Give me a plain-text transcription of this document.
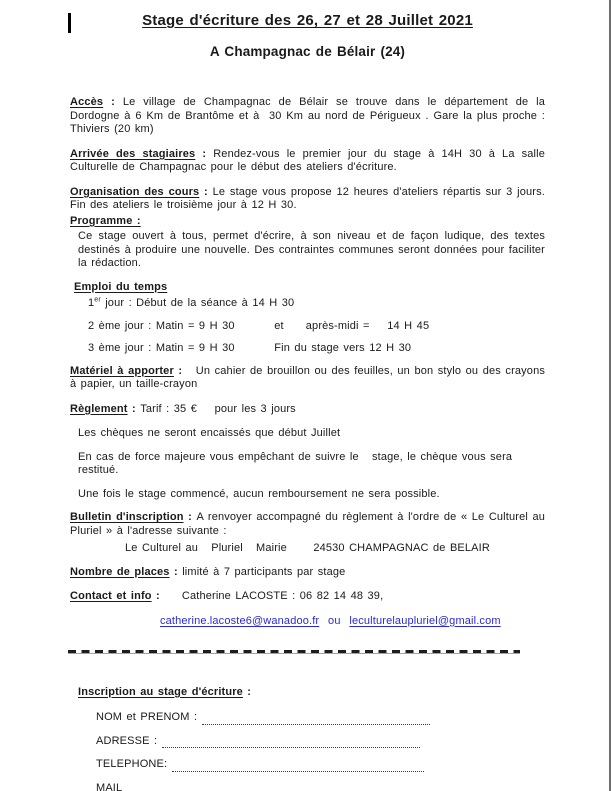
Stage d'écriture des 26, 27 et 28 Juillet 2021
A Champagnac de Bélair (24)

Accès : Le village de Champagnac de Bélair se trouve dans le département de la Dordogne à 6 Km de Brantôme et à  30 Km au nord de Périgueux . Gare la plus proche : Thiviers (20 km)

Arrivée des stagiaires : Rendez-vous le premier jour du stage à 14H 30 à La salle Culturelle de Champagnac pour le début des ateliers d'écriture.

Organisation des cours : Le stage vous propose 12 heures d'ateliers répartis sur 3 jours.   Fin des ateliers le troisième jour à 12 H 30.

Programme :

Ce stage ouvert à tous, permet d'écrire, à son niveau et de façon ludique, des textes destinés à produire une nouvelle. Des contraintes communes seront données pour faciliter la rédaction.

Emploi du temps

1er jour : Début de la séance à 14 H 30

2 ème jour : Matin = 9 H 30         et     après-midi =    14 H 45

3 ème jour : Matin = 9 H 30         Fin du stage vers 12 H 30

Matériel à apporter :   Un cahier de brouillon ou des feuilles, un bon stylo ou des crayons à papier, un taille-crayon

Règlement : Tarif : 35 €    pour les 3 jours

Les chèques ne seront encaissés que début Juillet

En cas de force majeure vous empêchant de suivre le   stage, le chèque vous sera restitué.

Une fois le stage commencé, aucun remboursement ne sera possible.

Bulletin d'inscription : A renvoyer accompagné du règlement à l'ordre de « Le Culturel au Pluriel » à l'adresse suivante :

Le Culturel au   Pluriel   Mairie      24530 CHAMPAGNAC de BELAIR

Nombre de places : limité à 7 participants par stage

Contact et info :     Catherine LACOSTE : 06 82 14 48 39,

catherine.lacoste6@wanadoo.fr ou leculturelaupluriel@gmail.com

Inscription au stage d'écriture :

NOM et PRENOM :
ADRESSE :
TELEPHONE:
MAIL
